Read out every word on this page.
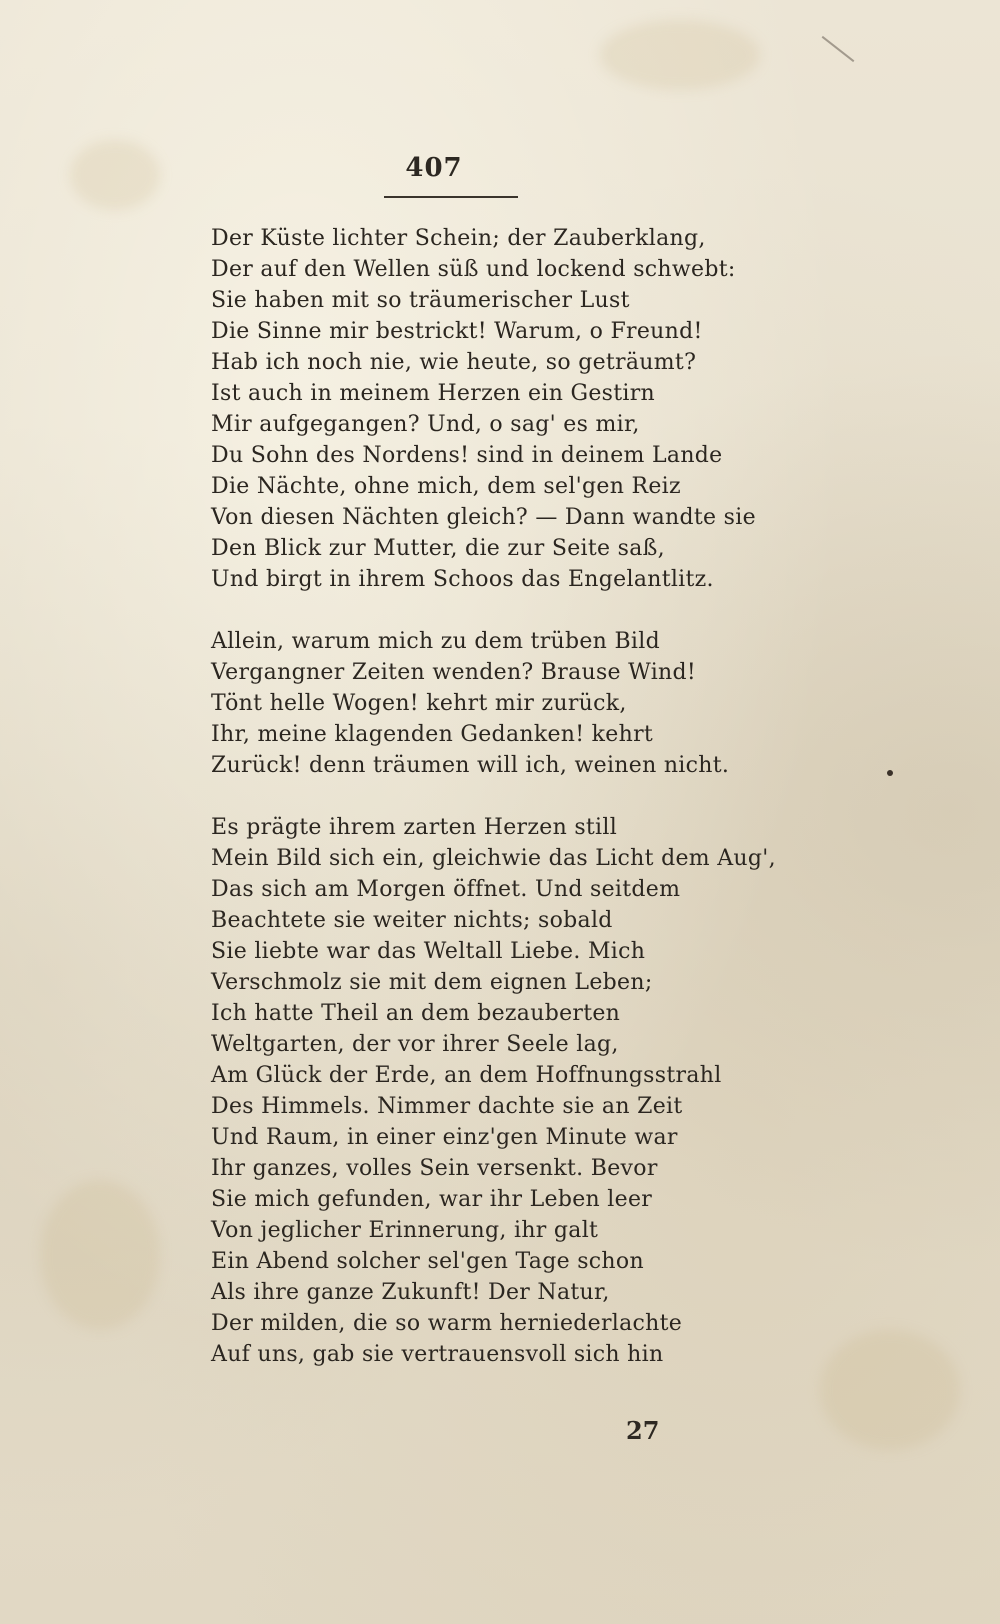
407
Der Küste lichter Schein; der Zauberklang,
Der auf den Wellen süß und lockend schwebt:
Sie haben mit so träumerischer Lust
Die Sinne mir bestrickt! Warum, o Freund!
Hab ich noch nie, wie heute, so geträumt?
Ist auch in meinem Herzen ein Gestirn
Mir aufgegangen? Und, o sag' es mir,
Du Sohn des Nordens! sind in deinem Lande
Die Nächte, ohne mich, dem sel'gen Reiz
Von diesen Nächten gleich? — Dann wandte sie
Den Blick zur Mutter, die zur Seite saß,
Und birgt in ihrem Schoos das Engelantlitz.
Allein, warum mich zu dem trüben Bild
Vergangner Zeiten wenden? Brause Wind!
Tönt helle Wogen! kehrt mir zurück,
Ihr, meine klagenden Gedanken! kehrt
Zurück! denn träumen will ich, weinen nicht.
Es prägte ihrem zarten Herzen still
Mein Bild sich ein, gleichwie das Licht dem Aug',
Das sich am Morgen öffnet. Und seitdem
Beachtete sie weiter nichts; sobald
Sie liebte war das Weltall Liebe. Mich
Verschmolz sie mit dem eignen Leben;
Ich hatte Theil an dem bezauberten
Weltgarten, der vor ihrer Seele lag,
Am Glück der Erde, an dem Hoffnungsstrahl
Des Himmels. Nimmer dachte sie an Zeit
Und Raum, in einer einz'gen Minute war
Ihr ganzes, volles Sein versenkt. Bevor
Sie mich gefunden, war ihr Leben leer
Von jeglicher Erinnerung, ihr galt
Ein Abend solcher sel'gen Tage schon
Als ihre ganze Zukunft! Der Natur,
Der milden, die so warm herniederlachte
Auf uns, gab sie vertrauensvoll sich hin
27
